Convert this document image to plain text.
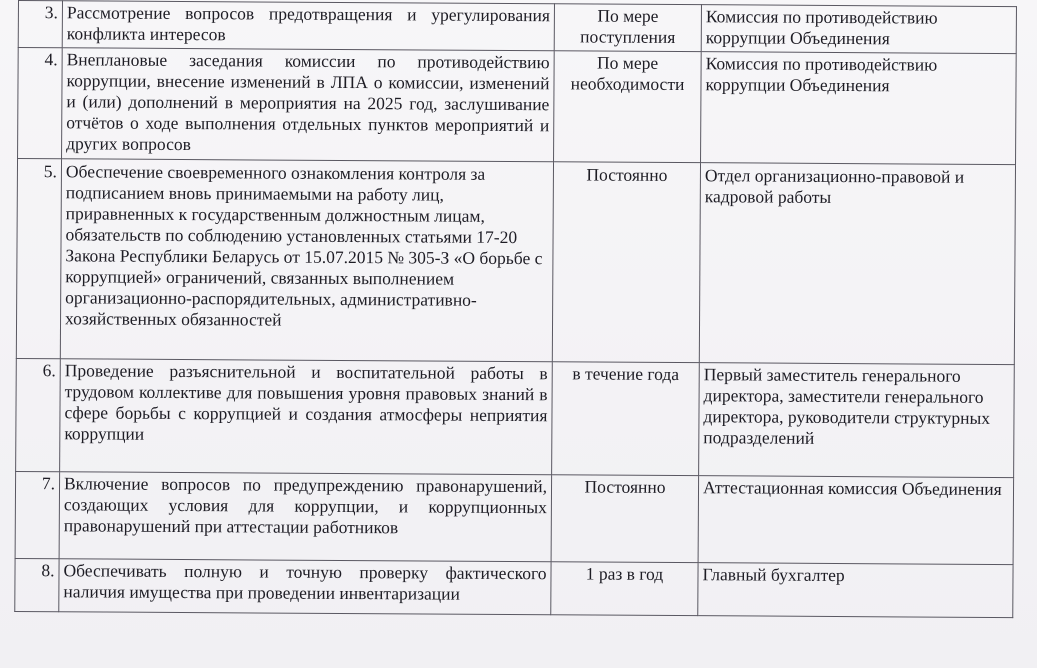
3.	Рассмотрение вопросов предотвращения и урегулирования конфликта интересов	По мере поступления	Комиссия по противодействию коррупции Объединения
4.	Внеплановые заседания комиссии по противодействию коррупции, внесение изменений в ЛПА о комиссии, изменений и (или) дополнений в мероприятия на 2025 год, заслушивание отчётов о ходе выполнения отдельных пунктов мероприятий и других вопросов	По мере необходимости	Комиссия по противодействию коррупции Объединения
5.	Обеспечение своевременного ознакомления контроля за подписанием вновь принимаемыми на работу лиц, приравненных к государственным должностным лицам, обязательств по соблюдению установленных статьями 17-20 Закона Республики Беларусь от 15.07.2015 № 305-З «О борьбе с коррупцией» ограничений, связанных выполнением организационно-распорядительных, административно-хозяйственных обязанностей	Постоянно	Отдел организационно-правовой и кадровой работы
6.	Проведение разъяснительной и воспитательной работы в трудовом коллективе для повышения уровня правовых знаний в сфере борьбы с коррупцией и создания атмосферы неприятия коррупции	в течение года	Первый заместитель генерального директора, заместители генерального директора, руководители структурных подразделений
7.	Включение вопросов по предупреждению правонарушений, создающих условия для коррупции, и коррупционных правонарушений при аттестации работников	Постоянно	Аттестационная комиссия Объединения
8.	Обеспечивать полную и точную проверку фактического наличия имущества при проведении инвентаризации	1 раз в год	Главный бухгалтер
